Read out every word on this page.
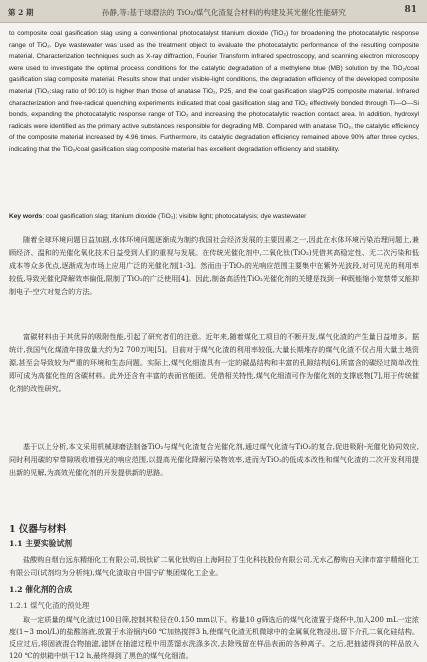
第 2 期	孙静,等:基于球磨法的 TiO₂/煤气化渣复合材料的构建及其光催化性能研究	81
to composite coal gasification slag using a conventional photocatalyst titanium dioxide (TiO₂) for broadening the photocatalytic response range of TiO₂. Dye wastewater was used as the treatment object to evaluate the photocatalytic performance of the resulting composite material. Characterization techniques such as X-ray diffraction, Fourier Transform infrared spectroscopy, and scanning electron microscopy were used to investigate the optimal process conditions for the catalytic degradation of a methylene blue (MB) solution by the TiO₂/coal gasification slag composite material. Results show that under visible-light conditions, the degradation efficiency of the developed composite material (TiO₂:slag ratio of 90:10) is higher than those of anatase TiO₂, P25, and the coal gasification slag/P25 composite material. Infrared characterization and free-radical quenching experiments indicated that coal gasification slag and TiO₂ effectively bonded through Ti—O—Si bonds, expanding the photocatalytic response range of TiO₂ and increasing the photocatalytic reaction contact area. In addition, hydroxyl radicals were identified as the primary active substances responsible for degrading MB. Compared with anatase TiO₂, the catalytic efficiency of the composite material increased by 4.96 times. Furthermore, its catalytic degradation efficiency remained above 90% after three cycles, indicating that the TiO₂/coal gasification slag composite material has excellent degradation efficiency and stability.
Key words: coal gasification slag; titanium dioxide (TiO₂); visible light; photocatalysis; dye wastewater
随着全球环境问题日益加剧,水体环境问题逐渐成为制约我国社会经济发展的主要因素之一,因此在水体环境污染治理问题上,兼顾经济、温和的光催化氧化技术日益受到人们的重视与发展。在传统光催化剂中,二氧化钛(TiO₂)凭借其高稳定性、无二次污染和低成本等众多优点,逐渐成为市场上应用广泛的光催化剂[1-3]。然而由于TiO₂的光响应范围主要集中在紫外光波段,对可见光的利用率较低,导致光催化降解效率偏低,限制了TiO₂的广泛使用[4]。因此,制备高活性TiO₂光催化剂的关键是找到一种既能缩小宽禁带又能抑制电子-空穴对复合的方法。
富碳材料由于其优异的吸附性能,引起了研究者们的注意。近年来,随着煤化工项目的不断开发,煤气化渣的产生量日益增多。据统计,我国气化煤渣年排放量大约为2 700万吨[5]。目前对于煤气化渣的利用率较低,大量长期堆存的煤气化渣不仅占用大量土地资源,甚至会导致较为严重的环境和生态问题。实际上,煤气化细渣具有一定的碳晶结构和丰富的孔隙结构[6],所富含的碳经过简单改性即可成为高催化性的含碳材料。此外还含有丰富的表面官能团。凭借相关特性,煤气化细渣可作为催化剂的支撑底物[7],用于传统催化剂的改性研究。
基于以上分析,本文采用机械球磨法制备TiO₂与煤气化渣复合光催化剂,通过煤气化渣与TiO₂的复合,促进吸附-光催化协同效应,同时利用碳的窄带隙吸收增强光的响应范围,以提高光催化降解污染物效率,进而为TiO₂的低成本改性和煤气化渣的二次开发利用提出新的见解,为高效光催化剂的开发提供新的思路。
1 仪器与材料
1.1 主要实验试剂
盐酸购自烟台远东精细化工有限公司,锐钛矿二氧化钛购自上海阿拉丁生化科技股份有限公司,无水乙醇购自天津市富宇精细化工有限公司(试剂均为分析纯),煤气化渣取自中国宁矿集团煤化工企业。
1.2 催化剂的合成
1.2.1 煤气化渣的预处理
取一定质量的煤气化渣过100目筛,控制其粒径在0.150 mm以下。称量10 g筛选后的煤气化渣置于烧杯中,加入200 mL一定浓度(1~3 mol/L)的盐酸溶液,放置于水浴锅内60 ℃加热搅拌3 h,使煤气化渣无机微球中的金属氧化物浸出,留下介孔二氧化硅结构。反应过后,将固液混合物抽滤,滤饼在抽滤过程中用蒸馏水洗涤多次,去除残留在样品表面的各种离子。之后,把抽滤得到的样品放入120 ℃的烘箱中烘干12 h,最终得到了黑色的煤气化细渣。
